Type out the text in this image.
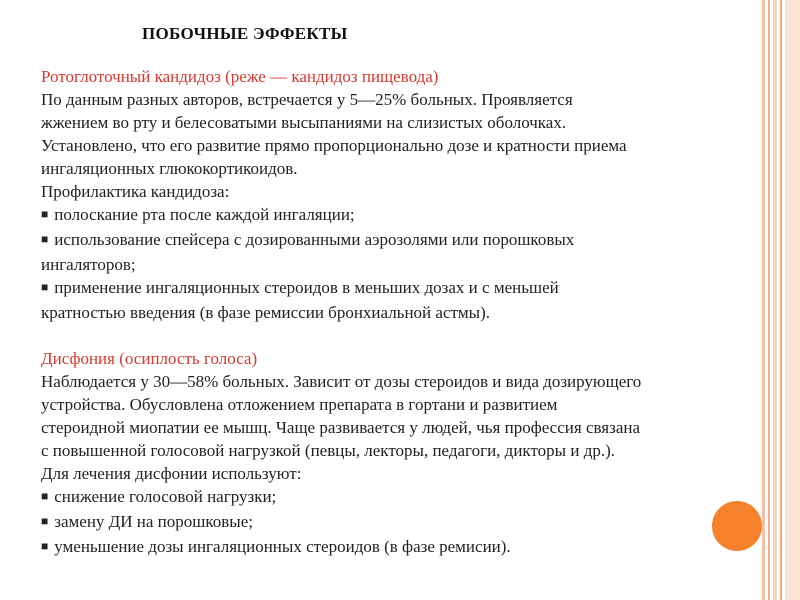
ПОБОЧНЫЕ ЭФФЕКТЫ

Ротоглоточный кандидоз (реже — кандидоз пищевода)

По данным разных авторов, встречается у 5—25% больных. Проявляется

жжением во рту и белесоватыми высыпаниями на слизистых оболочках.

Установлено, что его развитие прямо пропорционально дозе и кратности приема

ингаляционных глюкокортикоидов.

Профилактика кандидоза:

■ полоскание рта после каждой ингаляции;

■ использование спейсера с дозированными аэрозолями или порошковых

ингаляторов;

■ применение ингаляционных стероидов в меньших дозах и с меньшей

кратностью введения (в фазе ремиссии бронхиальной астмы).

Дисфония (осиплость голоса)

Наблюдается у 30—58% больных. Зависит от дозы стероидов и вида дозирующего

устройства. Обусловлена отложением препарата в гортани и развитием

стероидной миопатии ее мышц. Чаще развивается у людей, чья профессия связана

с повышенной голосовой нагрузкой (певцы, лекторы, педагоги, дикторы и др.).

Для лечения дисфонии используют:

■ снижение голосовой нагрузки;

■ замену ДИ на порошковые;

■ уменьшение дозы ингаляционных стероидов (в фазе ремисии).
